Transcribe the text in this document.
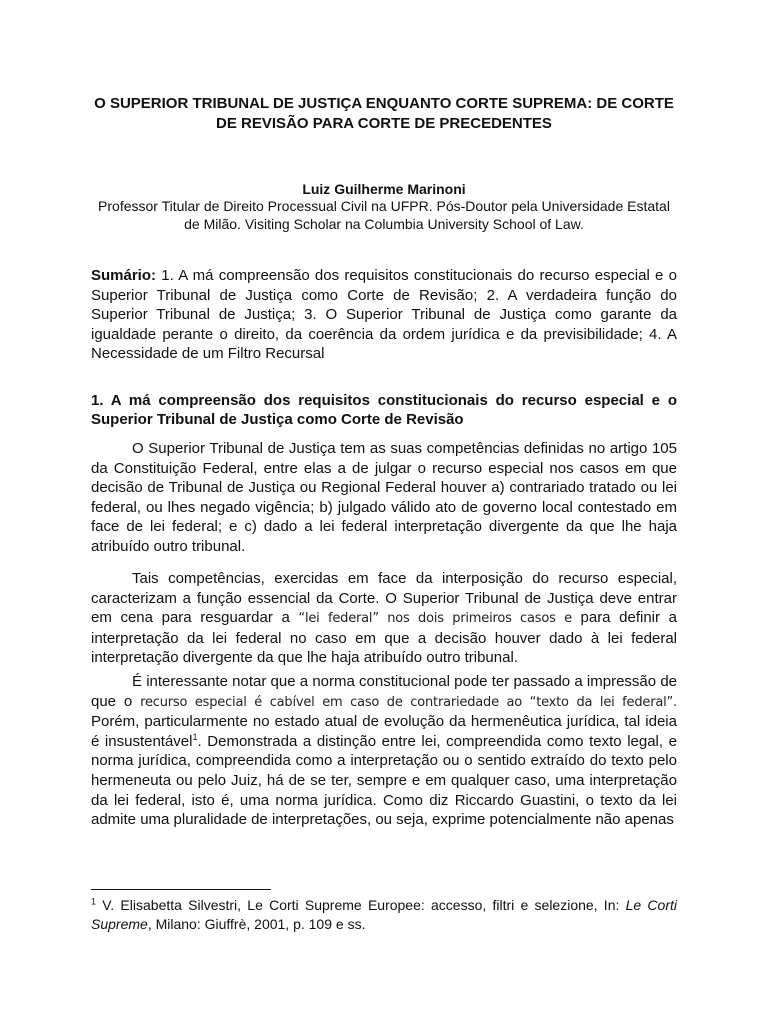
O SUPERIOR TRIBUNAL DE JUSTIÇA ENQUANTO CORTE SUPREMA: DE CORTE DE REVISÃO PARA CORTE DE PRECEDENTES

Luiz Guilherme Marinoni

Professor Titular de Direito Processual Civil na UFPR. Pós-Doutor pela Universidade Estatal de Milão. Visiting Scholar na Columbia University School of Law.

Sumário: 1. A má compreensão dos requisitos constitucionais do recurso especial e o Superior Tribunal de Justiça como Corte de Revisão; 2. A verdadeira função do Superior Tribunal de Justiça; 3. O Superior Tribunal de Justiça como garante da igualdade perante o direito, da coerência da ordem jurídica e da previsibilidade; 4. A Necessidade de um Filtro Recursal

1. A má compreensão dos requisitos constitucionais do recurso especial e o Superior Tribunal de Justiça como Corte de Revisão

O Superior Tribunal de Justiça tem as suas competências definidas no artigo 105 da Constituição Federal, entre elas a de julgar o recurso especial nos casos em que decisão de Tribunal de Justiça ou Regional Federal houver a) contrariado tratado ou lei federal, ou lhes negado vigência; b) julgado válido ato de governo local contestado em face de lei federal; e c) dado a lei federal interpretação divergente da que lhe haja atribuído outro tribunal.

Tais competências, exercidas em face da interposição do recurso especial, caracterizam a função essencial da Corte. O Superior Tribunal de Justiça deve entrar em cena para resguardar a “lei federal” nos dois primeiros casos e para definir a interpretação da lei federal no caso em que a decisão houver dado à lei federal interpretação divergente da que lhe haja atribuído outro tribunal.

É interessante notar que a norma constitucional pode ter passado a impressão de que o recurso especial é cabível em caso de contrariedade ao “texto da lei federal”. Porém, particularmente no estado atual de evolução da hermenêutica jurídica, tal ideia é insustentável$^1$. Demonstrada a distinção entre lei, compreendida como texto legal, e norma jurídica, compreendida como a interpretação ou o sentido extraído do texto pelo hermeneuta ou pelo Juiz, há de se ter, sempre e em qualquer caso, uma interpretação da lei federal, isto é, uma norma jurídica. Como diz Riccardo Guastini, o texto da lei admite uma pluralidade de interpretações, ou seja, exprime potencialmente não apenas

$^1$ V. Elisabetta Silvestri, Le Corti Supreme Europee: accesso, filtri e selezione, In: Le Corti Supreme, Milano: Giuffrè, 2001, p. 109 e ss.
